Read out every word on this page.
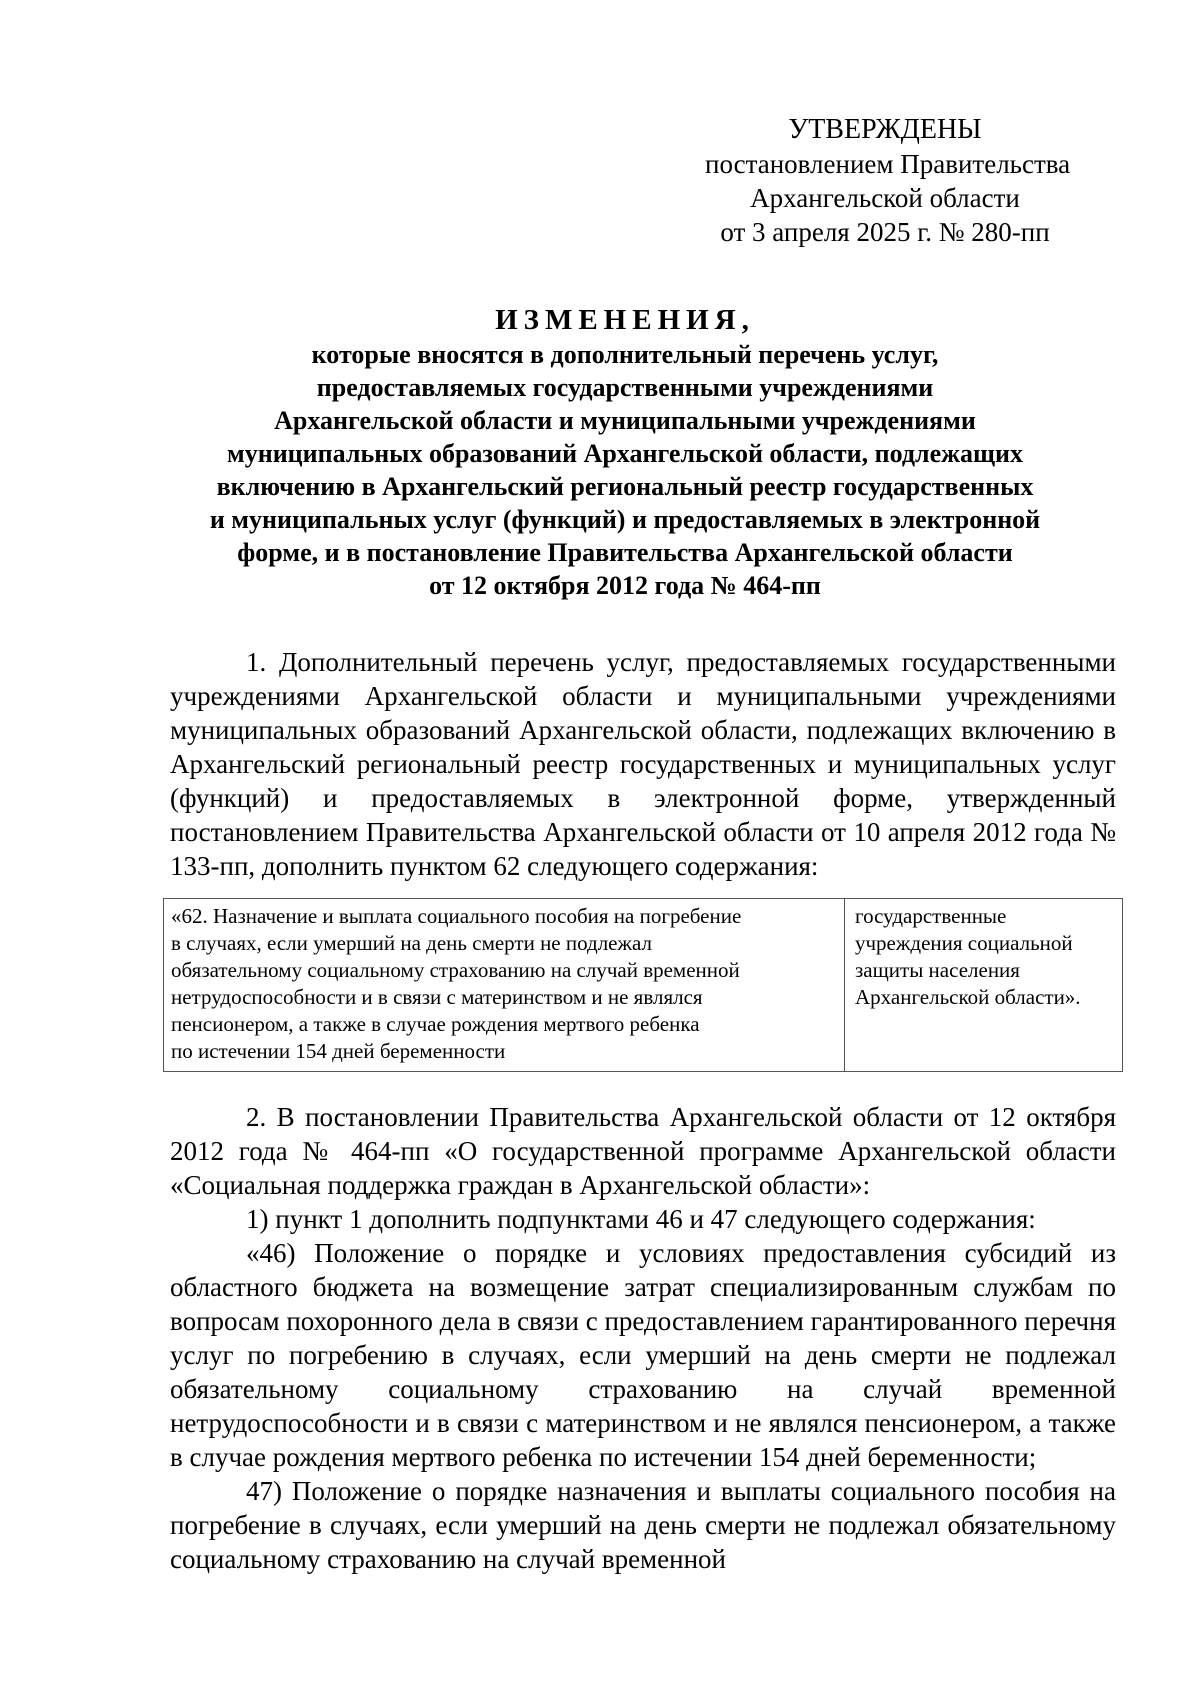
УТВЕРЖДЕНЫ
постановлением Правительства
Архангельской области
от 3 апреля 2025 г. № 280-пп
ИЗМЕНЕНИЯ,
которые вносятся в дополнительный перечень услуг,
предоставляемых государственными учреждениями
Архангельской области и муниципальными учреждениями
муниципальных образований Архангельской области, подлежащих
включению в Архангельский региональный реестр государственных
и муниципальных услуг (функций) и предоставляемых в электронной
форме, и в постановление Правительства Архангельской области
от 12 октября 2012 года № 464-пп

1. Дополнительный перечень услуг, предоставляемых государственными учреждениями Архангельской области и муниципальными учреждениями муниципальных образований Архангельской области, подлежащих включению в Архангельский региональный реестр государственных и муниципальных услуг (функций) и предоставляемых в электронной форме, утвержденный постановлением Правительства Архангельской области от 10 апреля 2012 года № 133-пп, дополнить пунктом 62 следующего содержания:

«62. Назначение и выплата социального пособия на погребение
в случаях, если умерший на день смерти не подлежал
обязательному социальному страхованию на случай временной
нетрудоспособности и в связи с материнством и не являлся
пенсионером, а также в случае рождения мертвого ребенка
по истечении 154 дней беременности
государственные
учреждения социальной
защиты населения
Архангельской области».

2. В постановлении Правительства Архангельской области от 12 октября 2012 года № 464-пп «О государственной программе Архангельской области «Социальная поддержка граждан в Архангельской области»:

1) пункт 1 дополнить подпунктами 46 и 47 следующего содержания:

«46) Положение о порядке и условиях предоставления субсидий из областного бюджета на возмещение затрат специализированным службам по вопросам похоронного дела в связи с предоставлением гарантированного перечня услуг по погребению в случаях, если умерший на день смерти не подлежал обязательному социальному страхованию на случай временной нетрудоспособности и в связи с материнством и не являлся пенсионером, а также в случае рождения мертвого ребенка по истечении 154 дней беременности;

47) Положение о порядке назначения и выплаты социального пособия на погребение в случаях, если умерший на день смерти не подлежал обязательному социальному страхованию на случай временной
